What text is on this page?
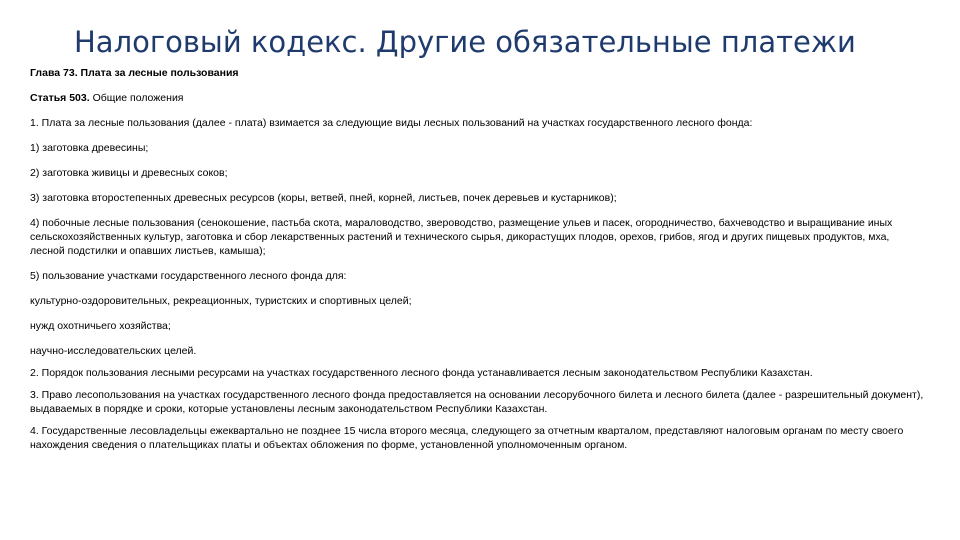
Налоговый кодекс. Другие обязательные платежи

Глава 73. Плата за лесные пользования

Статья 503. Общие положения

1. Плата за лесные пользования (далее - плата) взимается за следующие виды лесных пользований на участках государственного лесного фонда:

1) заготовка древесины;

2) заготовка живицы и древесных соков;

3) заготовка второстепенных древесных ресурсов (коры, ветвей, пней, корней, листьев, почек деревьев и кустарников);

4) побочные лесные пользования (сенокошение, пастьба скота, мараловодство, звероводство, размещение ульев и пасек, огородничество, бахчеводство и выращивание иных сельскохозяйственных культур, заготовка и сбор лекарственных растений и технического сырья, дикорастущих плодов, орехов, грибов, ягод и других пищевых продуктов, мха, лесной подстилки и опавших листьев, камыша);

5) пользование участками государственного лесного фонда для:

культурно-оздоровительных, рекреационных, туристских и спортивных целей;

нужд охотничьего хозяйства;

научно-исследовательских целей.

2. Порядок пользования лесными ресурсами на участках государственного лесного фонда устанавливается лесным законодательством Республики Казахстан.

3. Право лесопользования на участках государственного лесного фонда предоставляется на основании лесорубочного билета и лесного билета (далее - разрешительный документ), выдаваемых в порядке и сроки, которые установлены лесным законодательством Республики Казахстан.

4. Государственные лесовладельцы ежеквартально не позднее 15 числа второго месяца, следующего за отчетным кварталом, представляют налоговым органам по месту своего нахождения сведения о плательщиках платы и объектах обложения по форме, установленной уполномоченным органом.
